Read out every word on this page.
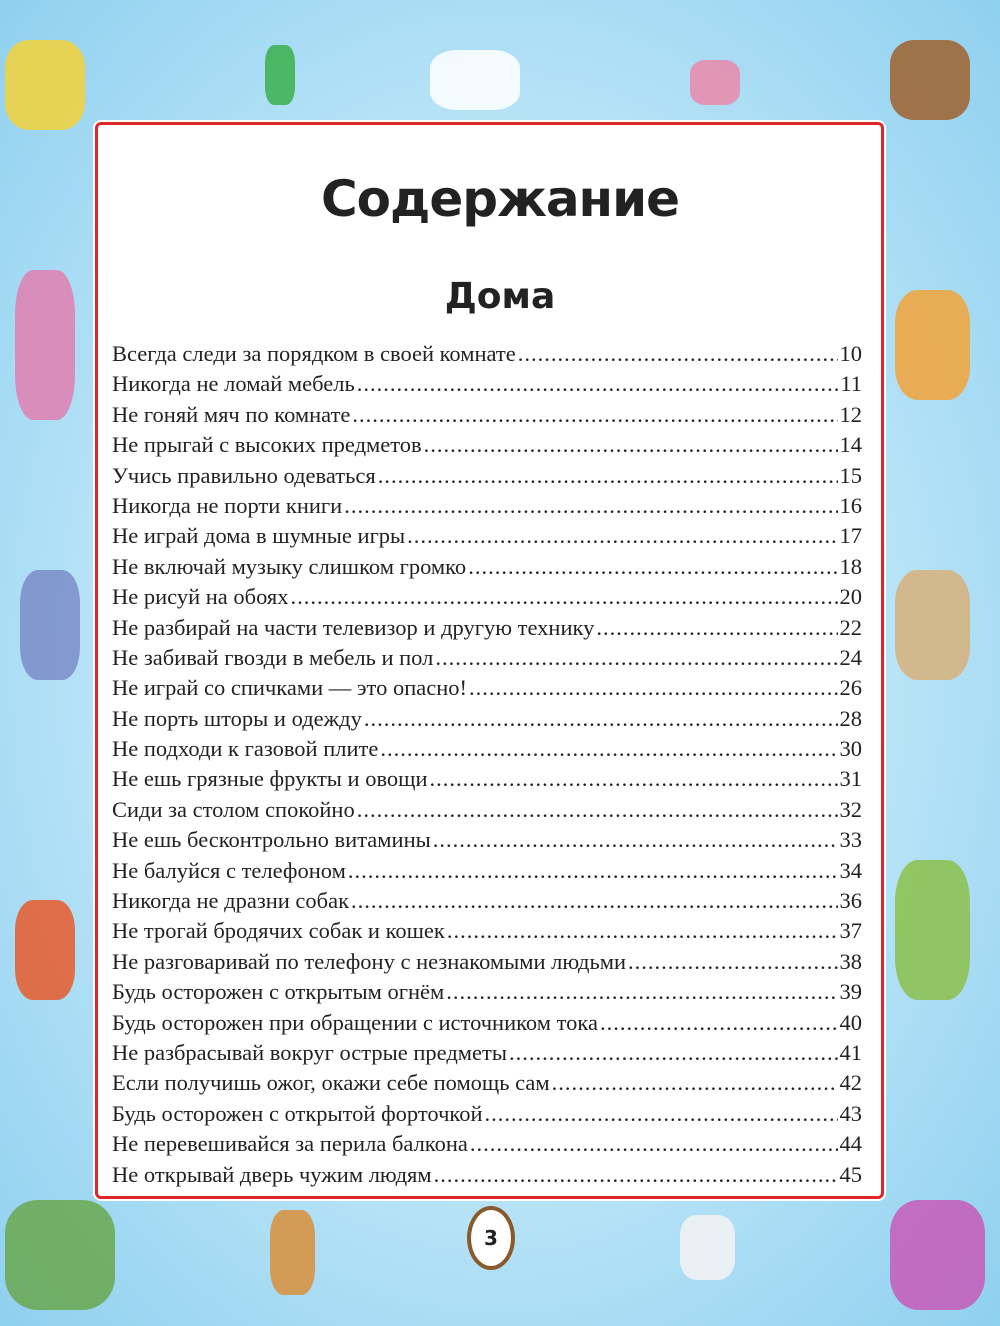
Содержание
Дома
Всегда следи за порядком в своей комнате .....	10
Никогда не ломай мебель .....	11
Не гоняй мяч по комнате .....	12
Не прыгай с высоких предметов .....	14
Учись правильно одеваться .....	15
Никогда не порти книги .....	16
Не играй дома в шумные игры .....	17
Не включай музыку слишком громко .....	18
Не рисуй на обоях .....	20
Не разбирай на части телевизор и другую технику .....	22
Не забивай гвозди в мебель и пол .....	24
Не играй со спичками — это опасно! .....	26
Не порть шторы и одежду .....	28
Не подходи к газовой плите .....	30
Не ешь грязные фрукты и овощи .....	31
Сиди за столом спокойно .....	32
Не ешь бесконтрольно витамины .....	33
Не балуйся с телефоном .....	34
Никогда не дразни собак .....	36
Не трогай бродячих собак и кошек .....	37
Не разговаривай по телефону с незнакомыми людьми .....	38
Будь осторожен с открытым огнём .....	39
Будь осторожен при обращении с источником тока .....	40
Не разбрасывай вокруг острые предметы .....	41
Если получишь ожог, окажи себе помощь сам .....	42
Будь осторожен с открытой форточкой .....	43
Не перевешивайся за перила балкона .....	44
Не открывай дверь чужим людям .....	45
3
